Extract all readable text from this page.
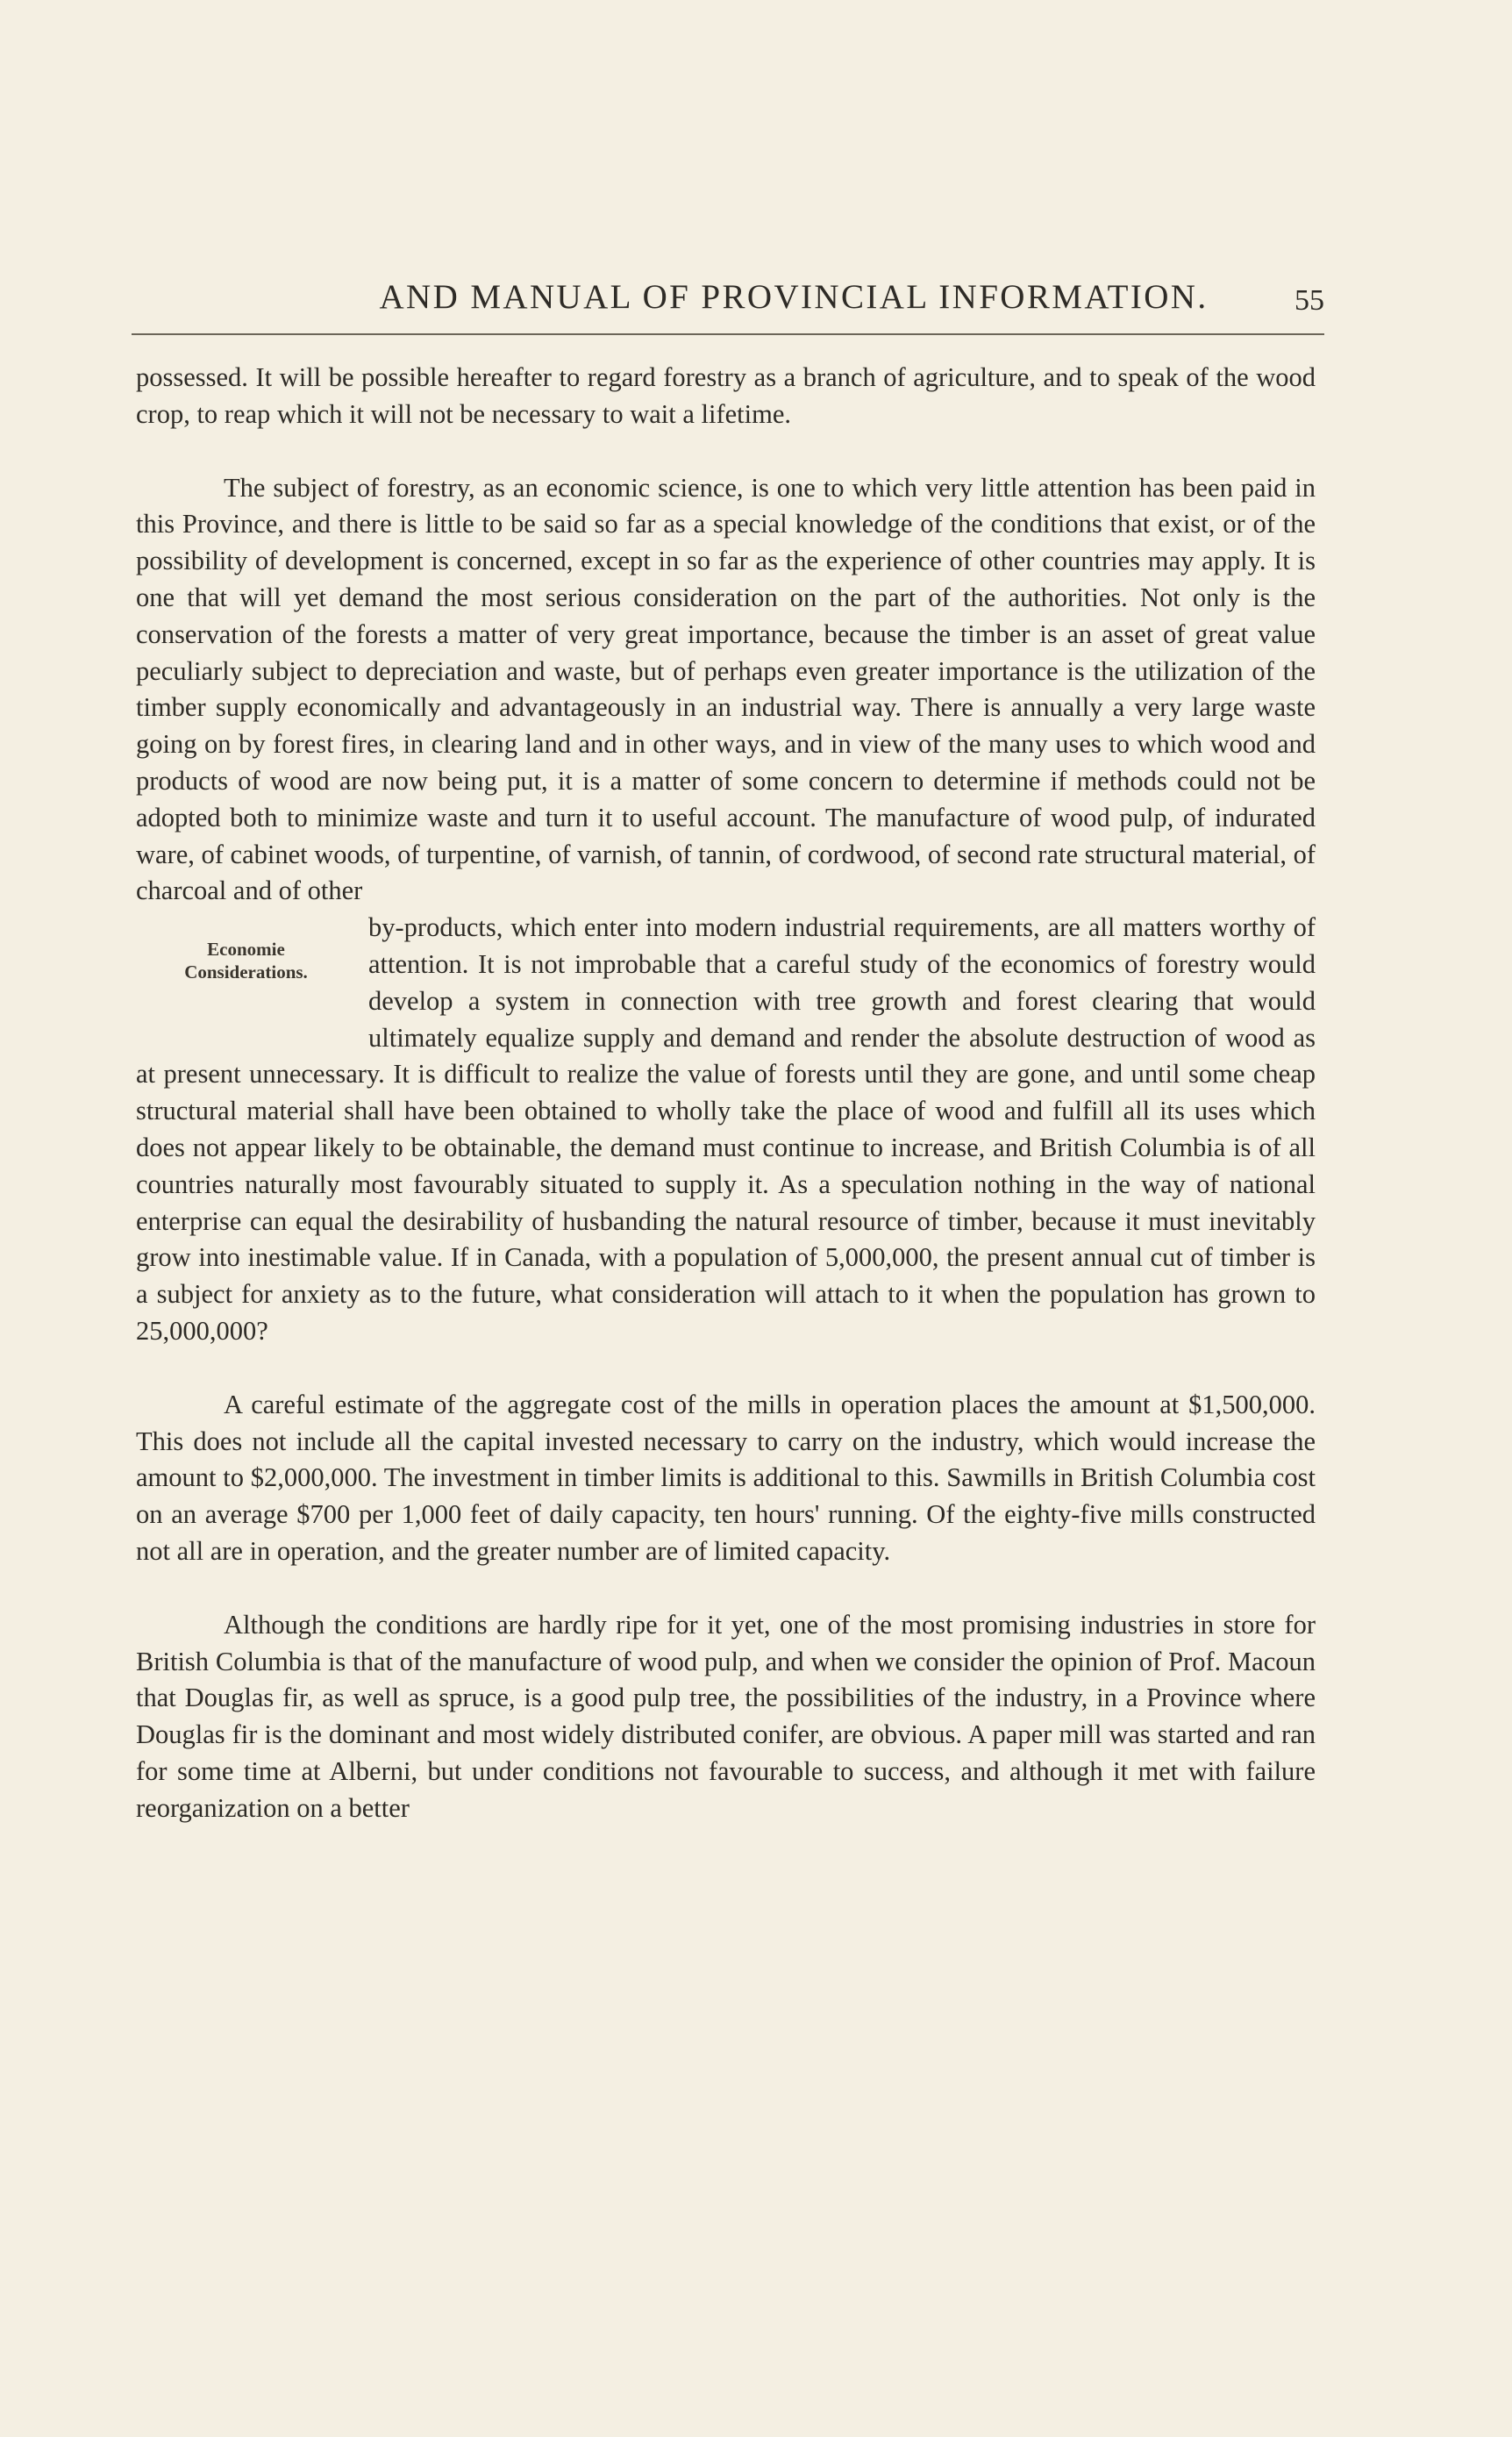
AND MANUAL OF PROVINCIAL INFORMATION.	55

possessed. It will be possible hereafter to regard forestry as a branch of agriculture, and to speak of the wood crop, to reap which it will not be necessary to wait a lifetime.

The subject of forestry, as an economic science, is one to which very little attention has been paid in this Province, and there is little to be said so far as a special knowledge of the conditions that exist, or of the possibility of development is concerned, except in so far as the experience of other countries may apply. It is one that will yet demand the most serious consideration on the part of the authorities. Not only is the conservation of the forests a matter of very great importance, because the timber is an asset of great value peculiarly subject to depreciation and waste, but of perhaps even greater importance is the utilization of the timber supply economically and advantageously in an industrial way. There is annually a very large waste going on by forest fires, in clearing land and in other ways, and in view of the many uses to which wood and products of wood are now being put, it is a matter of some concern to determine if methods could not be adopted both to minimize waste and turn it to useful account. The manufacture of wood pulp, of indurated ware, of cabinet woods, of turpentine, of varnish, of tannin, of cordwood, of second rate structural material, of charcoal and of other

Economie
Considerations.
by-products, which enter into modern industrial requirements, are all matters worthy of attention. It is not improbable that a careful study of the economics of forestry would develop a system in connection with tree growth and forest clearing that would ultimately equalize supply and demand and render the absolute destruction of wood as at present unnecessary. It is difficult to realize the value of forests until they are gone, and until some cheap structural material shall have been obtained to wholly take the place of wood and fulfill all its uses which does not appear likely to be obtainable, the demand must continue to increase, and British Columbia is of all countries naturally most favourably situated to supply it. As a speculation nothing in the way of national enterprise can equal the desirability of husbanding the natural resource of timber, because it must inevitably grow into inestimable value. If in Canada, with a population of 5,000,000, the present annual cut of timber is a subject for anxiety as to the future, what consideration will attach to it when the population has grown to 25,000,000?

A careful estimate of the aggregate cost of the mills in operation places the amount at $1,500,000. This does not include all the capital invested necessary to carry on the industry, which would increase the amount to $2,000,000. The investment in timber limits is additional to this. Sawmills in British Columbia cost on an average $700 per 1,000 feet of daily capacity, ten hours' running. Of the eighty-five mills constructed not all are in operation, and the greater number are of limited capacity.

Although the conditions are hardly ripe for it yet, one of the most promising industries in store for British Columbia is that of the manufacture of wood pulp, and when we consider the opinion of Prof. Macoun that Douglas fir, as well as spruce, is a good pulp tree, the possibilities of the industry, in a Province where Douglas fir is the dominant and most widely distributed conifer, are obvious. A paper mill was started and ran for some time at Alberni, but under conditions not favourable to success, and although it met with failure reorganization on a better
